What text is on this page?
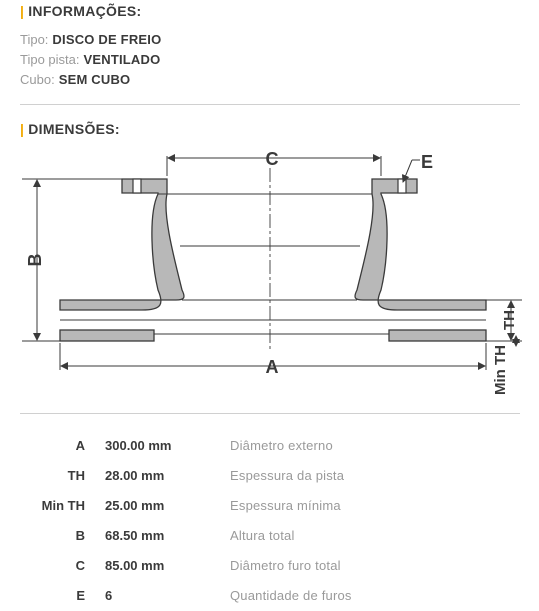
| INFORMAÇÕES:
Tipo: DISCO DE FREIO
Tipo pista: VENTILADO
Cubo: SEM CUBO
| DIMENSÕES:
C	E
A
B
TH
Min TH
A 300.00 mm	Diâmetro externo
TH 28.00 mm	Espessura da pista
Min TH 25.00 mm	Espessura mínima
B 68.50 mm	Altura total
C 85.00 mm	Diâmetro furo total
E 6	Quantidade de furos
